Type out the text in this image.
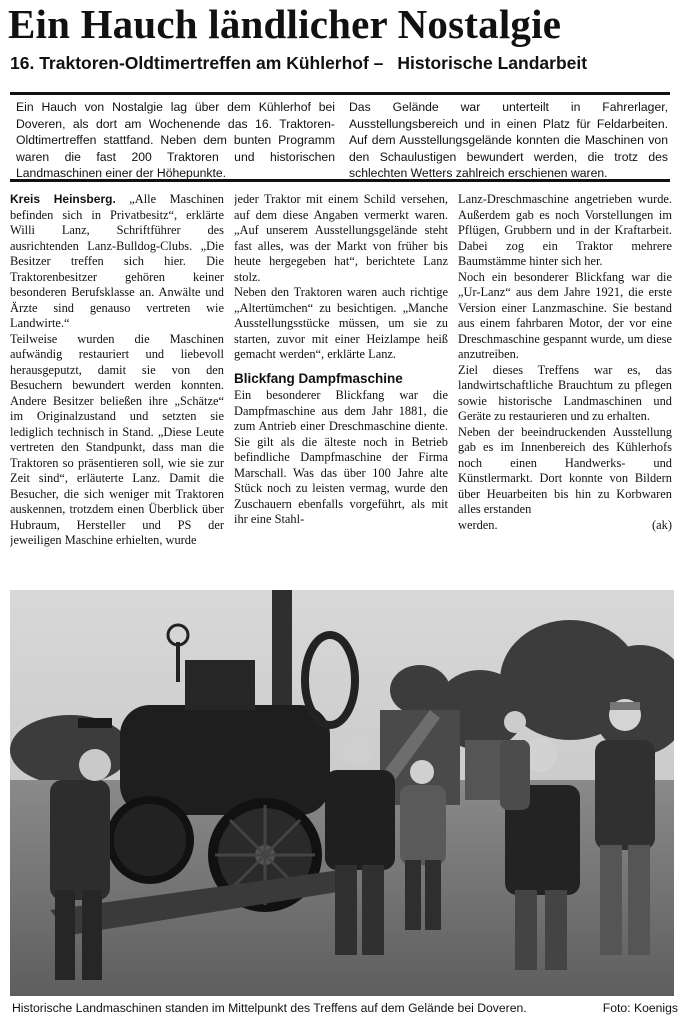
Ein Hauch ländlicher Nostalgie
16. Traktoren-Oldtimertreffen am Kühlerhof – Historische Landarbeit
Ein Hauch von Nostalgie lag über dem Kühlerhof bei Doveren, als dort am Wochenende das 16. Traktoren-Oldtimertreffen stattfand. Neben dem bunten Programm waren die fast 200 Traktoren und historischen Landmaschinen einer der Höhepunkte.
Das Gelände war unterteilt in Fahrerlager, Ausstellungsbereich und in einen Platz für Feldarbeiten. Auf dem Ausstellungsgelände konnten die Maschinen von den Schaulustigen bewundert werden, die trotz des schlechten Wetters zahlreich erschienen waren.

Kreis Heinsberg. „Alle Maschinen befinden sich in Privatbesitz“, erklärte Willi Lanz, Schriftführer des ausrichtenden Lanz-Bulldog-Clubs. „Die Besitzer treffen sich hier. Die Traktorenbesitzer gehören keiner besonderen Berufsklasse an. Anwälte und Ärzte sind genauso vertreten wie Landwirte.“

Teilweise wurden die Maschinen aufwändig restauriert und liebevoll herausgeputzt, damit sie von den Besuchern bewundert werden konnten. Andere Besitzer beließen ihre „Schätze“ im Originalzustand und setzten sie lediglich technisch in Stand. „Diese Leute vertreten den Standpunkt, dass man die Traktoren so präsentieren soll, wie sie zur Zeit sind“, erläuterte Lanz. Damit die Besucher, die sich weniger mit Traktoren auskennen, trotzdem einen Überblick über Hubraum, Hersteller und PS der jeweiligen Maschine erhielten, wurde

jeder Traktor mit einem Schild versehen, auf dem diese Angaben vermerkt waren. „Auf unserem Ausstellungsgelände steht fast alles, was der Markt von früher bis heute hergegeben hat“, berichtete Lanz stolz.

Neben den Traktoren waren auch richtige „Altertümchen“ zu besichtigen. „Manche Ausstellungsstücke müssen, um sie zu starten, zuvor mit einer Heizlampe heiß gemacht werden“, erklärte Lanz.

Blickfang Dampfmaschine

Ein besonderer Blickfang war die Dampfmaschine aus dem Jahr 1881, die zum Antrieb einer Dreschmaschine diente. Sie gilt als die älteste noch in Betrieb befindliche Dampfmaschine der Firma Marschall. Was das über 100 Jahre alte Stück noch zu leisten vermag, wurde den Zuschauern ebenfalls vorgeführt, als mit ihr eine Stahl-

Lanz-Dreschmaschine angetrieben wurde. Außerdem gab es noch Vorstellungen im Pflügen, Grubbern und in der Kraftarbeit. Dabei zog ein Traktor mehrere Baumstämme hinter sich her.

Noch ein besonderer Blickfang war die „Ur-Lanz“ aus dem Jahre 1921, die erste Version einer Lanzmaschine. Sie bestand aus einem fahrbaren Motor, der vor eine Dreschmaschine gespannt wurde, um diese anzutreiben.

Ziel dieses Treffens war es, das landwirtschaftliche Brauchtum zu pflegen sowie historische Landmaschinen und Geräte zu restaurieren und zu erhalten.

Neben der beeindruckenden Ausstellung gab es im Innenbereich des Kühlerhofs noch einen Handwerks- und Künstlermarkt. Dort konnte von Bildern über Heuarbeiten bis hin zu Korbwaren alles erstanden

werden.	(ak)

Historische Landmaschinen standen im Mittelpunkt des Treffens auf dem Gelände bei Doveren.	Foto: Koenigs
